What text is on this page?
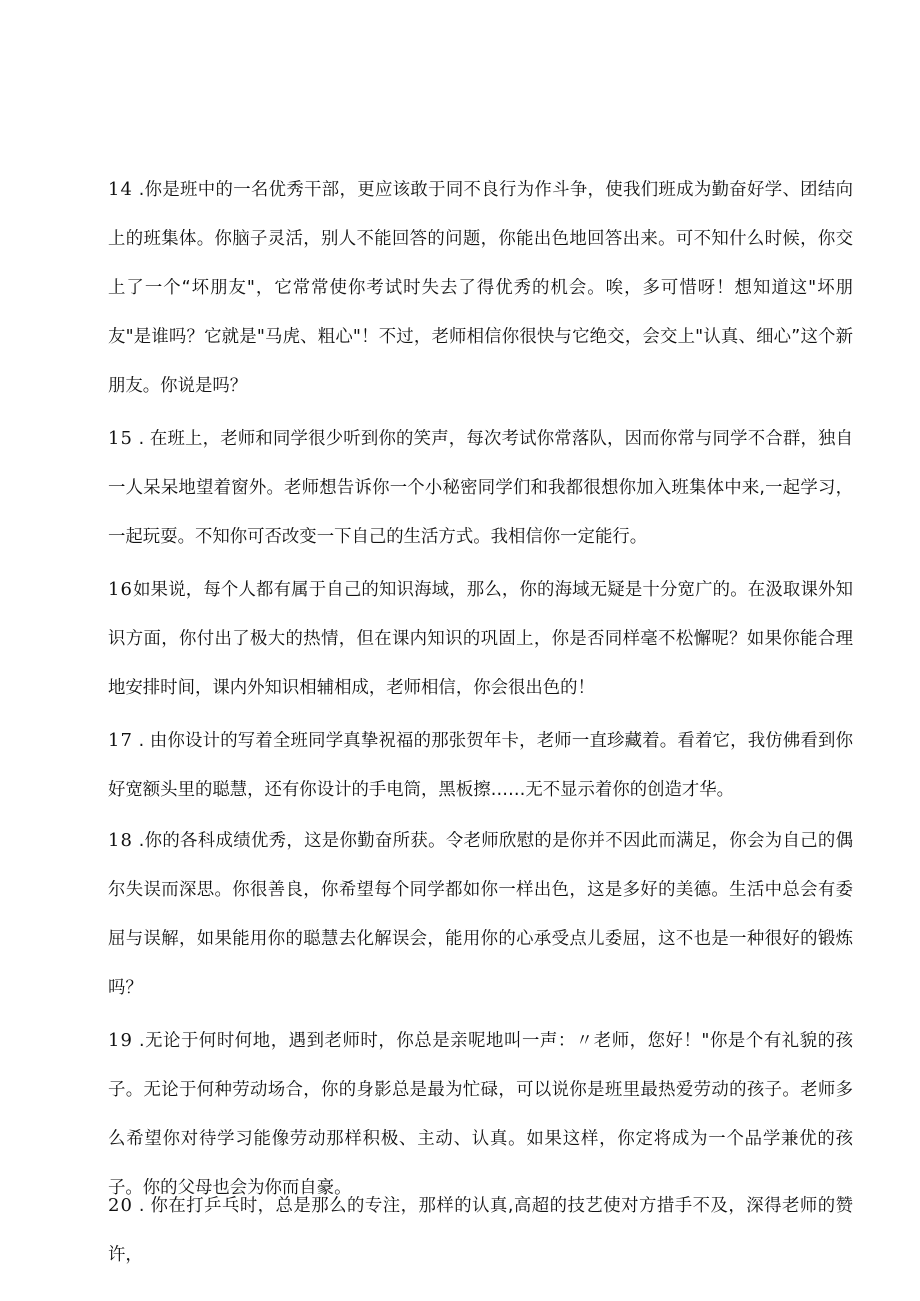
14 .你是班中的一名优秀干部，更应该敢于同不良行为作斗争，使我们班成为勤奋好学、团结向上的班集体。你脑子灵活，别人不能回答的问题，你能出色地回答出来。可不知什么时候，你交上了一个“坏朋友"，它常常使你考试时失去了得优秀的机会。唉，多可惜呀！想知道这"坏朋友"是谁吗？它就是"马虎、粗心"！不过，老师相信你很快与它绝交，会交上"认真、细心”这个新朋友。你说是吗？

15 . 在班上，老师和同学很少听到你的笑声，每次考试你常落队，因而你常与同学不合群，独自一人呆呆地望着窗外。老师想告诉你一个小秘密同学们和我都很想你加入班集体中来,一起学习，一起玩耍。不知你可否改变一下自己的生活方式。我相信你一定能行。

16如果说，每个人都有属于自己的知识海域，那么，你的海域无疑是十分宽广的。在汲取课外知识方面，你付出了极大的热情，但在课内知识的巩固上，你是否同样毫不松懈呢？如果你能合理地安排时间，课内外知识相辅相成，老师相信，你会很出色的！

17 . 由你设计的写着全班同学真挚祝福的那张贺年卡，老师一直珍藏着。看着它，我仿佛看到你好宽额头里的聪慧，还有你设计的手电筒，黑板擦……无不显示着你的创造才华。

18 .你的各科成绩优秀，这是你勤奋所获。令老师欣慰的是你并不因此而满足，你会为自己的偶尔失误而深思。你很善良，你希望每个同学都如你一样出色，这是多好的美德。生活中总会有委屈与误解，如果能用你的聪慧去化解误会，能用你的心承受点儿委屈，这不也是一种很好的锻炼吗？

19 .无论于何时何地，遇到老师时，你总是亲呢地叫一声：〃老师，您好！"你是个有礼貌的孩子。无论于何种劳动场合，你的身影总是最为忙碌，可以说你是班里最热爱劳动的孩子。老师多么希望你对待学习能像劳动那样积极、主动、认真。如果这样，你定将成为一个品学兼优的孩子。你的父母也会为你而自豪。

20 . 你在打乒乓时，总是那么的专注，那样的认真,高超的技艺使对方措手不及，深得老师的赞许，
